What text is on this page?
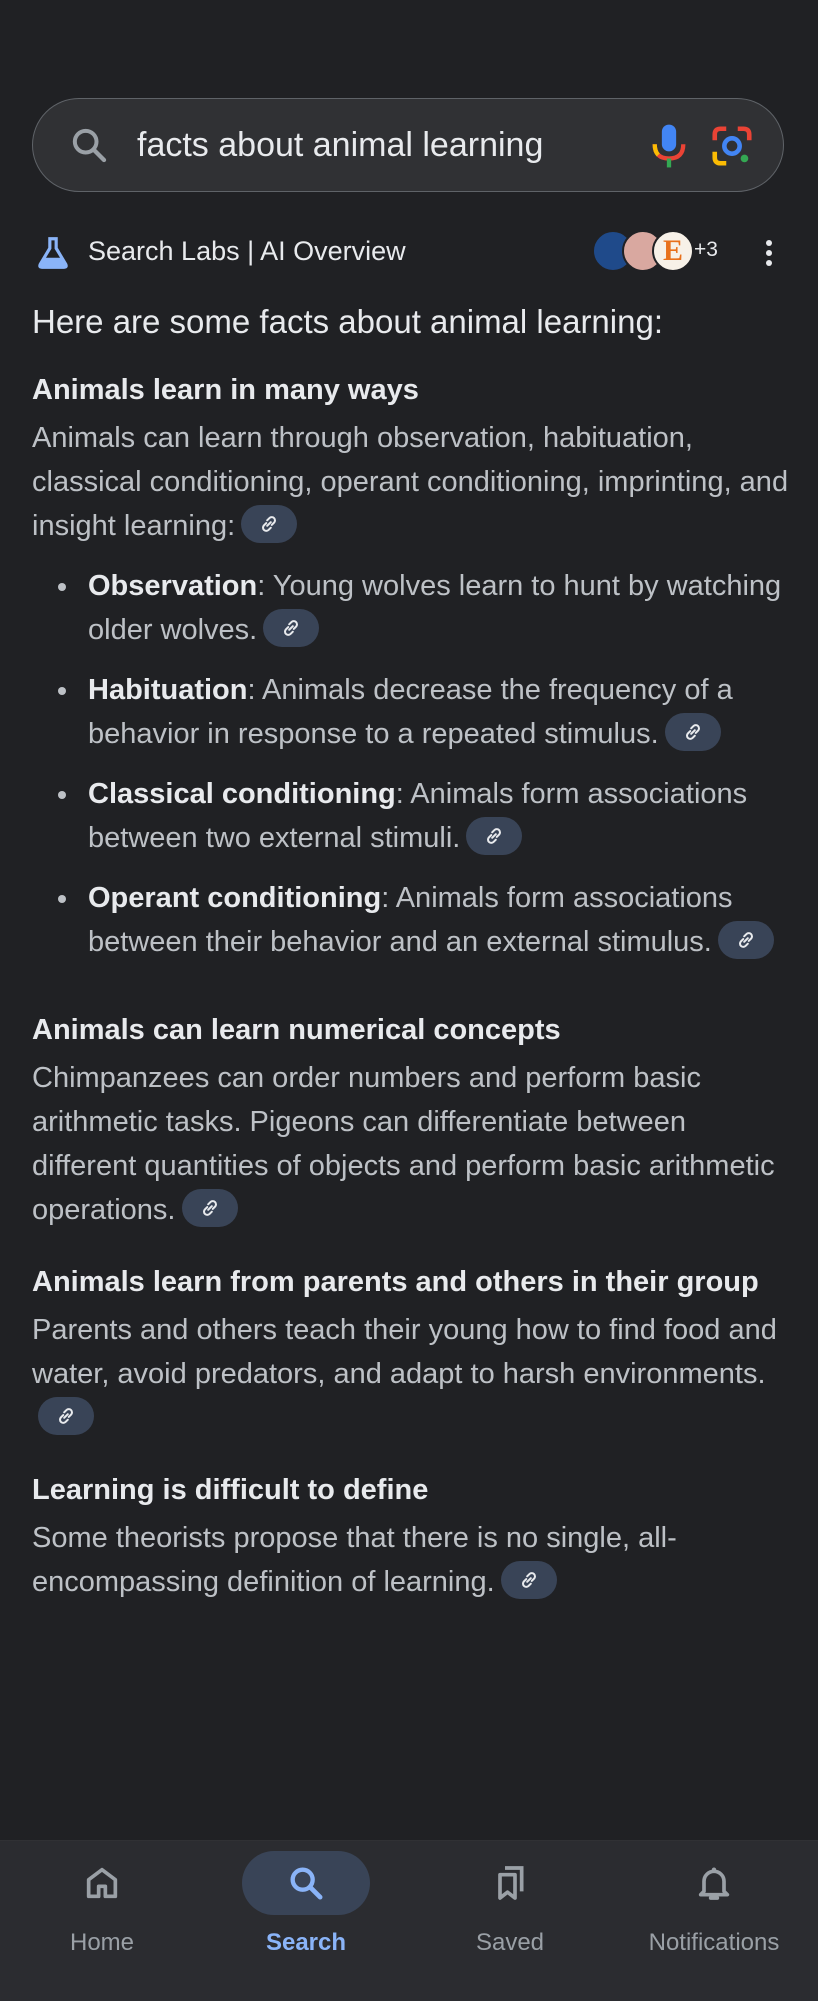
facts about animal learning
Search Labs | AI Overview	E +3

Here are some facts about animal learning:

Animals learn in many ways

Animals can learn through observation, habituation, classical conditioning, operant conditioning, imprinting, and insight learning:

Observation: Young wolves learn to hunt by watching older wolves.
Habituation: Animals decrease the frequency of a behavior in response to a repeated stimulus.
Classical conditioning: Animals form associations between two external stimuli.
Operant conditioning: Animals form associations between their behavior and an external stimulus.
Animals can learn numerical concepts

Chimpanzees can order numbers and perform basic arithmetic tasks. Pigeons can differentiate between different quantities of objects and perform basic arithmetic operations.

Animals learn from parents and others in their group

Parents and others teach their young how to find food and water, avoid predators, and adapt to harsh environments.

Learning is difficult to define

Some theorists propose that there is no single, all-encompassing definition of learning.

Home	Search	Saved	Notifications
